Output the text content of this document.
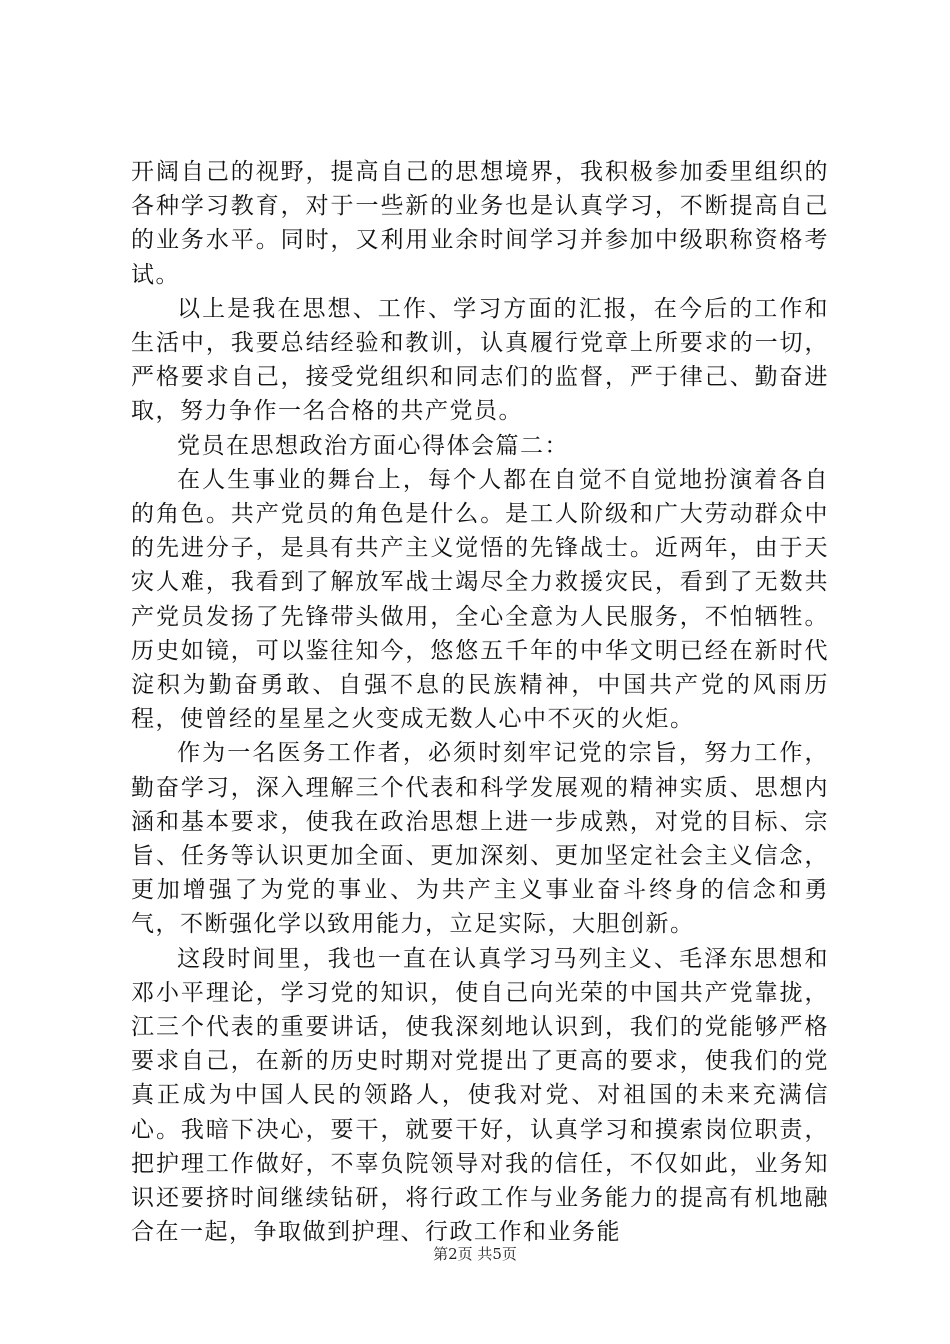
开阔自己的视野，提高自己的思想境界，我积极参加委里组织的各种学习教育，对于一些新的业务也是认真学习，不断提高自己的业务水平。同时，又利用业余时间学习并参加中级职称资格考试。

以上是我在思想、工作、学习方面的汇报，在今后的工作和生活中，我要总结经验和教训，认真履行党章上所要求的一切，严格要求自己，接受党组织和同志们的监督，严于律己、勤奋进取，努力争作一名合格的共产党员。

党员在思想政治方面心得体会篇二：

在人生事业的舞台上，每个人都在自觉不自觉地扮演着各自的角色。共产党员的角色是什么。是工人阶级和广大劳动群众中的先进分子，是具有共产主义觉悟的先锋战士。近两年，由于天灾人难，我看到了解放军战士竭尽全力救援灾民，看到了无数共产党员发扬了先锋带头做用，全心全意为人民服务，不怕牺牲。历史如镜，可以鉴往知今，悠悠五千年的中华文明已经在新时代淀积为勤奋勇敢、自强不息的民族精神，中国共产党的风雨历程，使曾经的星星之火变成无数人心中不灭的火炬。

作为一名医务工作者，必须时刻牢记党的宗旨，努力工作，勤奋学习，深入理解三个代表和科学发展观的精神实质、思想内涵和基本要求，使我在政治思想上进一步成熟，对党的目标、宗旨、任务等认识更加全面、更加深刻、更加坚定社会主义信念，更加增强了为党的事业、为共产主义事业奋斗终身的信念和勇气，不断强化学以致用能力，立足实际，大胆创新。

这段时间里，我也一直在认真学习马列主义、毛泽东思想和邓小平理论，学习党的知识，使自己向光荣的中国共产党靠拢，江三个代表的重要讲话，使我深刻地认识到，我们的党能够严格要求自己，在新的历史时期对党提出了更高的要求，使我们的党真正成为中国人民的领路人，使我对党、对祖国的未来充满信心。我暗下决心，要干，就要干好，认真学习和摸索岗位职责，把护理工作做好，不辜负院领导对我的信任，不仅如此，业务知识还要挤时间继续钻研，将行政工作与业务能力的提高有机地融合在一起，争取做到护理、行政工作和业务能

第2页 共5页
